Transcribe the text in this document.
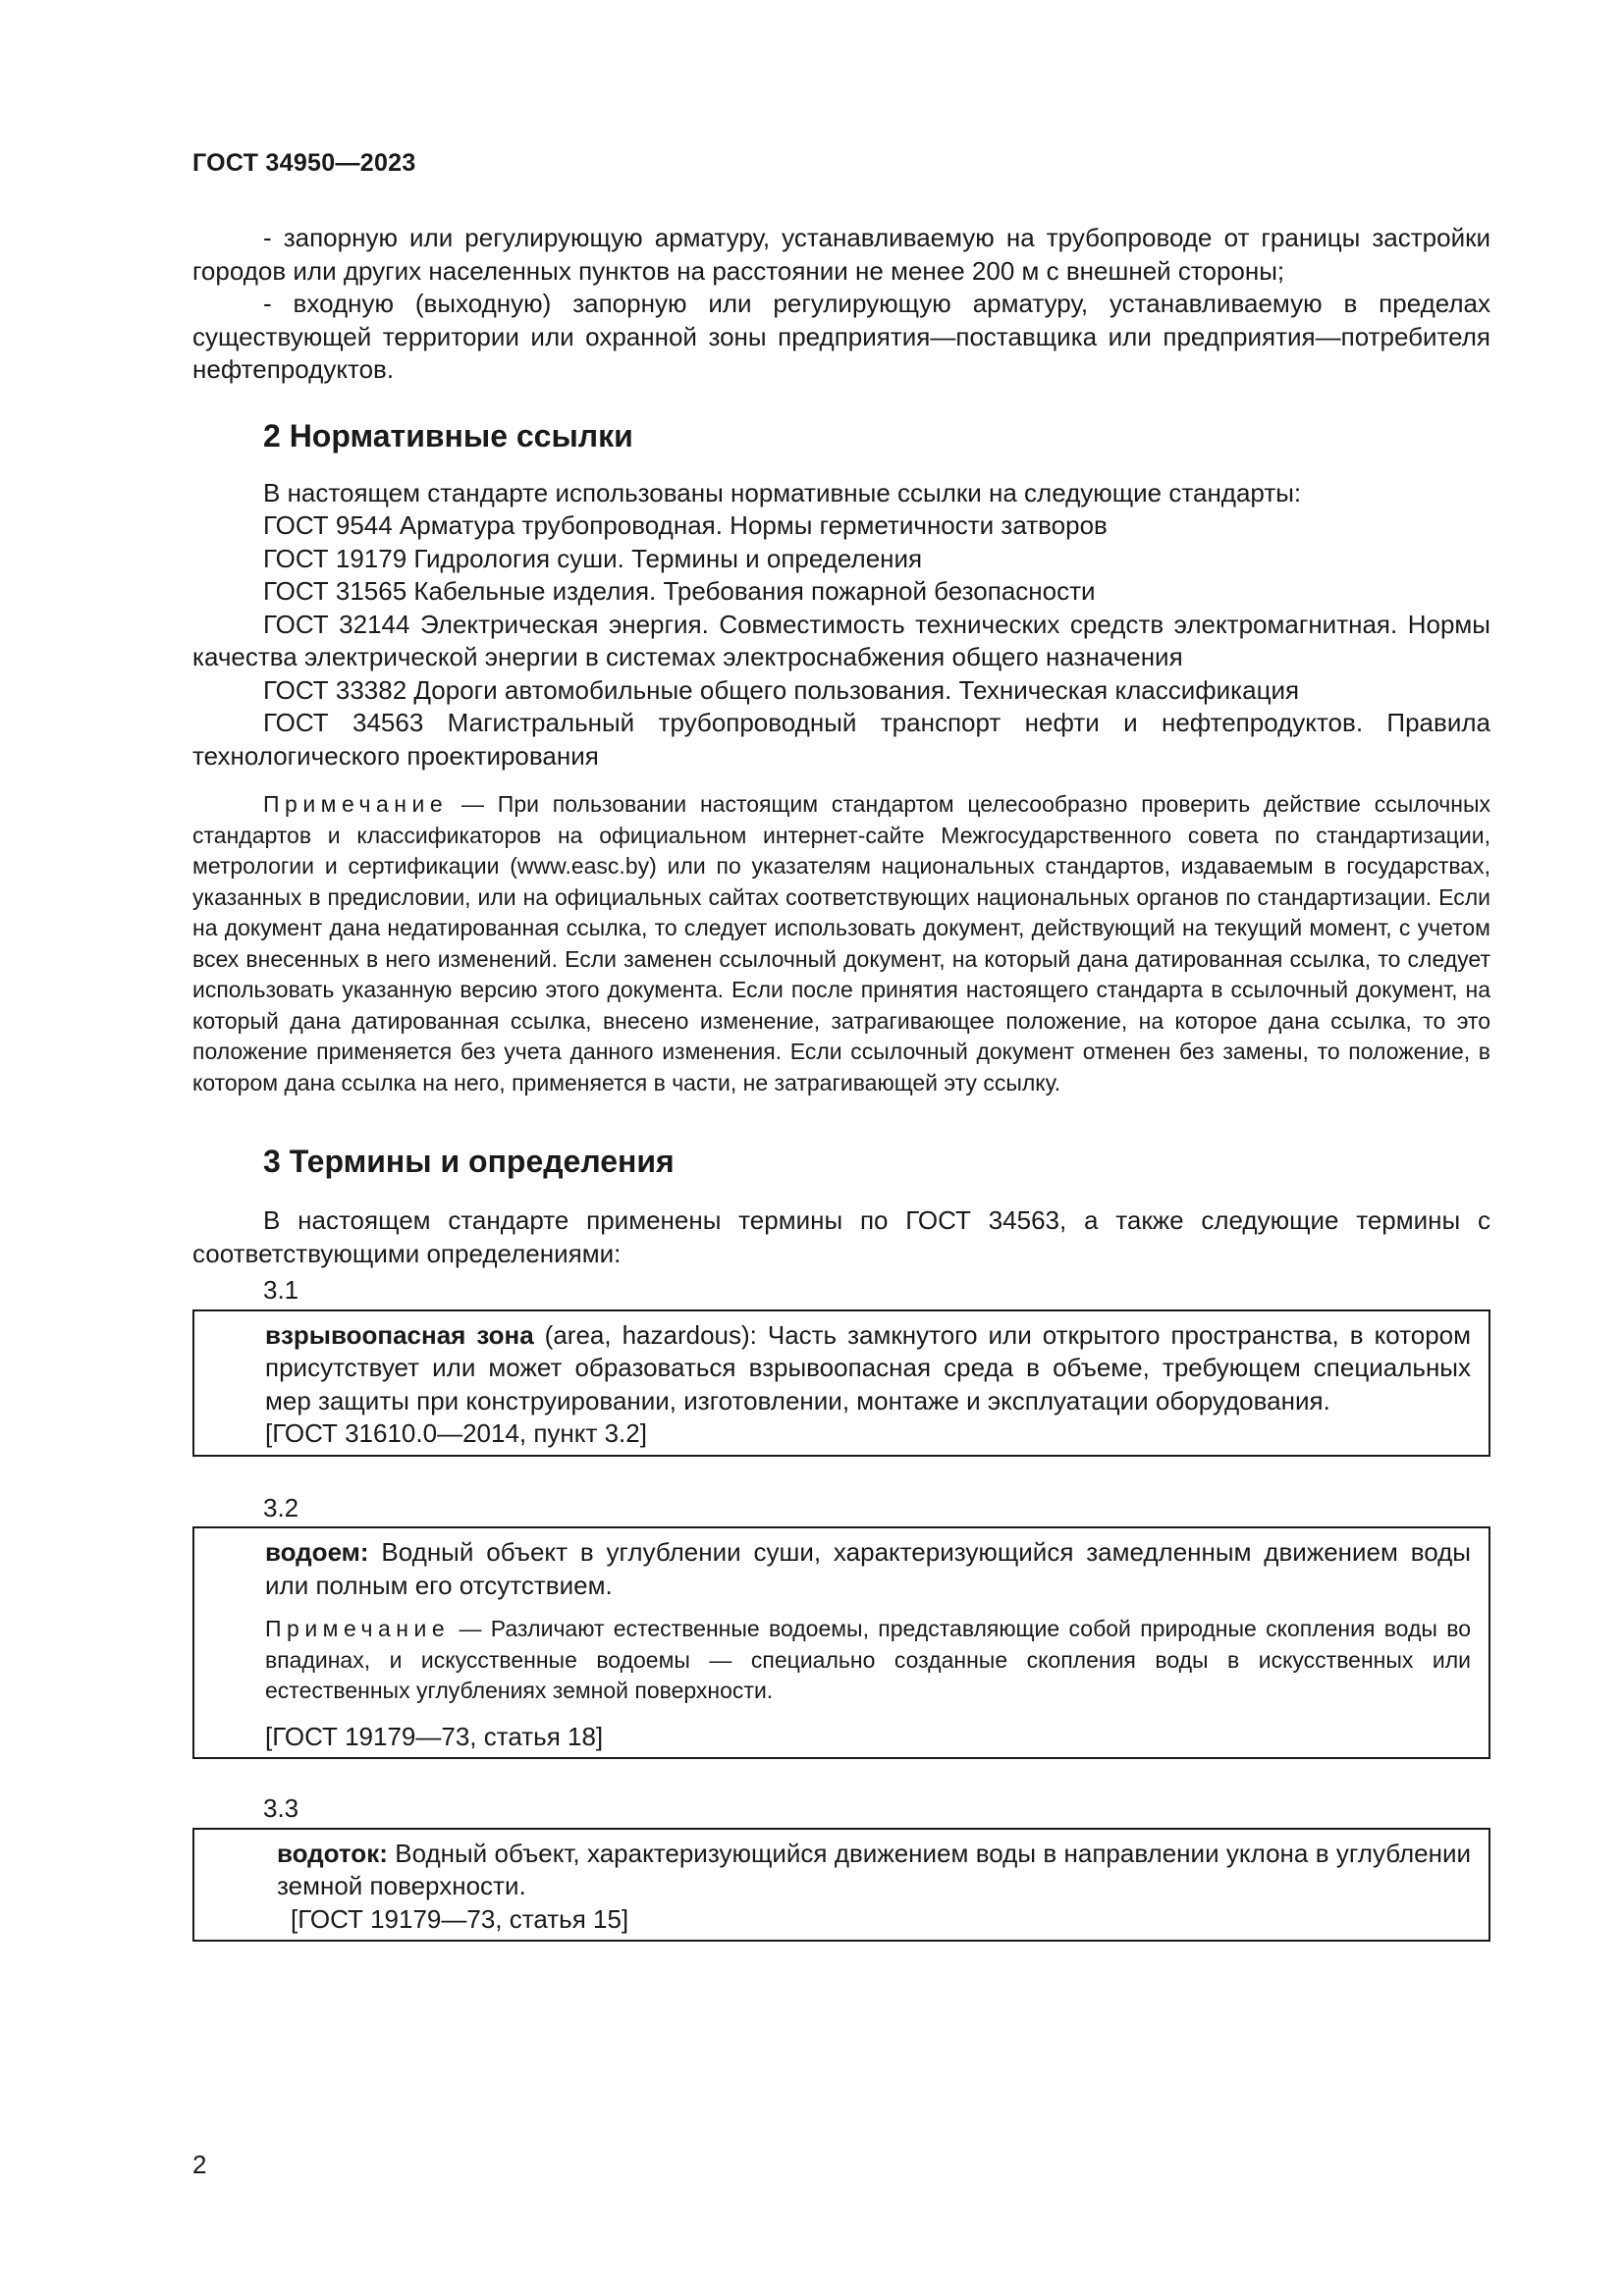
ГОСТ 34950—2023

- запорную или регулирующую арматуру, устанавливаемую на трубопроводе от границы застройки городов или других населенных пунктов на расстоянии не менее 200 м с внешней стороны;

- входную (выходную) запорную или регулирующую арматуру, устанавливаемую в пределах существующей территории или охранной зоны предприятия—поставщика или предприятия—потребителя нефтепродуктов.

2 Нормативные ссылки

В настоящем стандарте использованы нормативные ссылки на следующие стандарты:

ГОСТ 9544 Арматура трубопроводная. Нормы герметичности затворов

ГОСТ 19179 Гидрология суши. Термины и определения

ГОСТ 31565 Кабельные изделия. Требования пожарной безопасности

ГОСТ 32144 Электрическая энергия. Совместимость технических средств электромагнитная. Нормы качества электрической энергии в системах электроснабжения общего назначения

ГОСТ 33382 Дороги автомобильные общего пользования. Техническая классификация

ГОСТ 34563 Магистральный трубопроводный транспорт нефти и нефтепродуктов. Правила технологического проектирования

Примечание — При пользовании настоящим стандартом целесообразно проверить действие ссылочных стандартов и классификаторов на официальном интернет-сайте Межгосударственного совета по стандартизации, метрологии и сертификации (www.easc.by) или по указателям национальных стандартов, издаваемым в государствах, указанных в предисловии, или на официальных сайтах соответствующих национальных органов по стандартизации. Если на документ дана недатированная ссылка, то следует использовать документ, действующий на текущий момент, с учетом всех внесенных в него изменений. Если заменен ссылочный документ, на который дана датированная ссылка, то следует использовать указанную версию этого документа. Если после принятия настоящего стандарта в ссылочный документ, на который дана датированная ссылка, внесено изменение, затрагивающее положение, на которое дана ссылка, то это положение применяется без учета данного изменения. Если ссылочный документ отменен без замены, то положение, в котором дана ссылка на него, применяется в части, не затрагивающей эту ссылку.

3 Термины и определения

В настоящем стандарте применены термины по ГОСТ 34563, а также следующие термины с соответствующими определениями:

3.1

взрывоопасная зона (area, hazardous): Часть замкнутого или открытого пространства, в котором присутствует или может образоваться взрывоопасная среда в объеме, требующем специальных мер защиты при конструировании, изготовлении, монтаже и эксплуатации оборудования.

[ГОСТ 31610.0—2014, пункт 3.2]

3.2

водоем: Водный объект в углублении суши, характеризующийся замедленным движением воды или полным его отсутствием.

Примечание — Различают естественные водоемы, представляющие собой природные скопления воды во впадинах, и искусственные водоемы — специально созданные скопления воды в искусственных или естественных углублениях земной поверхности.

[ГОСТ 19179—73, статья 18]

3.3

водоток: Водный объект, характеризующийся движением воды в направлении уклона в углублении земной поверхности.

[ГОСТ 19179—73, статья 15]

2
